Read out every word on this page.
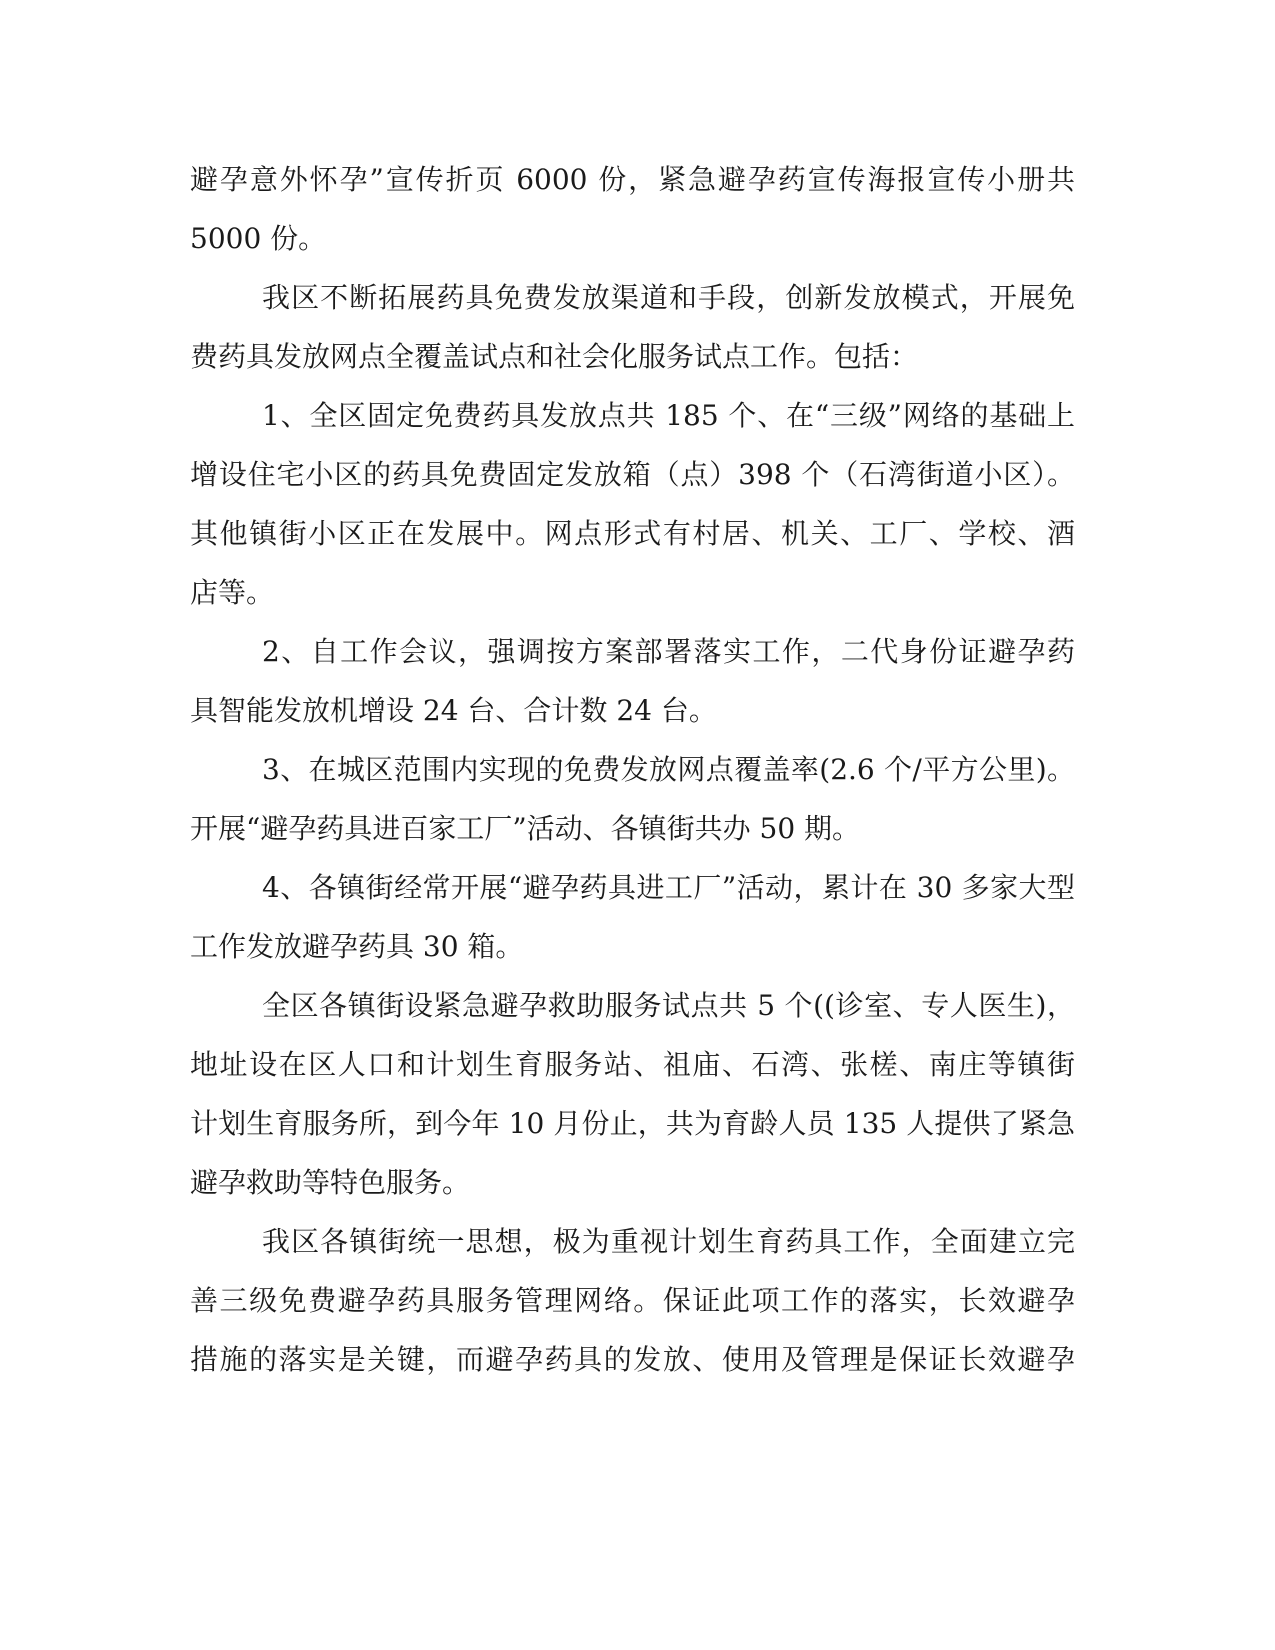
避孕意外怀孕”宣传折页 6000 份，紧急避孕药宣传海报宣传小册共
5000 份。
我区不断拓展药具免费发放渠道和手段，创新发放模式，开展免
费药具发放网点全覆盖试点和社会化服务试点工作。包括：
1、全区固定免费药具发放点共 185 个、在“三级”网络的基础上
增设住宅小区的药具免费固定发放箱（点）398 个（石湾街道小区）。
其他镇街小区正在发展中。网点形式有村居、机关、工厂、学校、酒
店等。
2、自工作会议，强调按方案部署落实工作，二代身份证避孕药
具智能发放机增设 24 台、合计数 24 台。
3、在城区范围内实现的免费发放网点覆盖率(2.6 个/平方公里)。
开展“避孕药具进百家工厂”活动、各镇街共办 50 期。
4、各镇街经常开展“避孕药具进工厂”活动，累计在 30 多家大型
工作发放避孕药具 30 箱。
全区各镇街设紧急避孕救助服务试点共 5 个((诊室、专人医生)，
地址设在区人口和计划生育服务站、祖庙、石湾、张槎、南庄等镇街
计划生育服务所，到今年 10 月份止，共为育龄人员 135 人提供了紧急
避孕救助等特色服务。
我区各镇街统一思想，极为重视计划生育药具工作，全面建立完
善三级免费避孕药具服务管理网络。保证此项工作的落实，长效避孕
措施的落实是关键，而避孕药具的发放、使用及管理是保证长效避孕
